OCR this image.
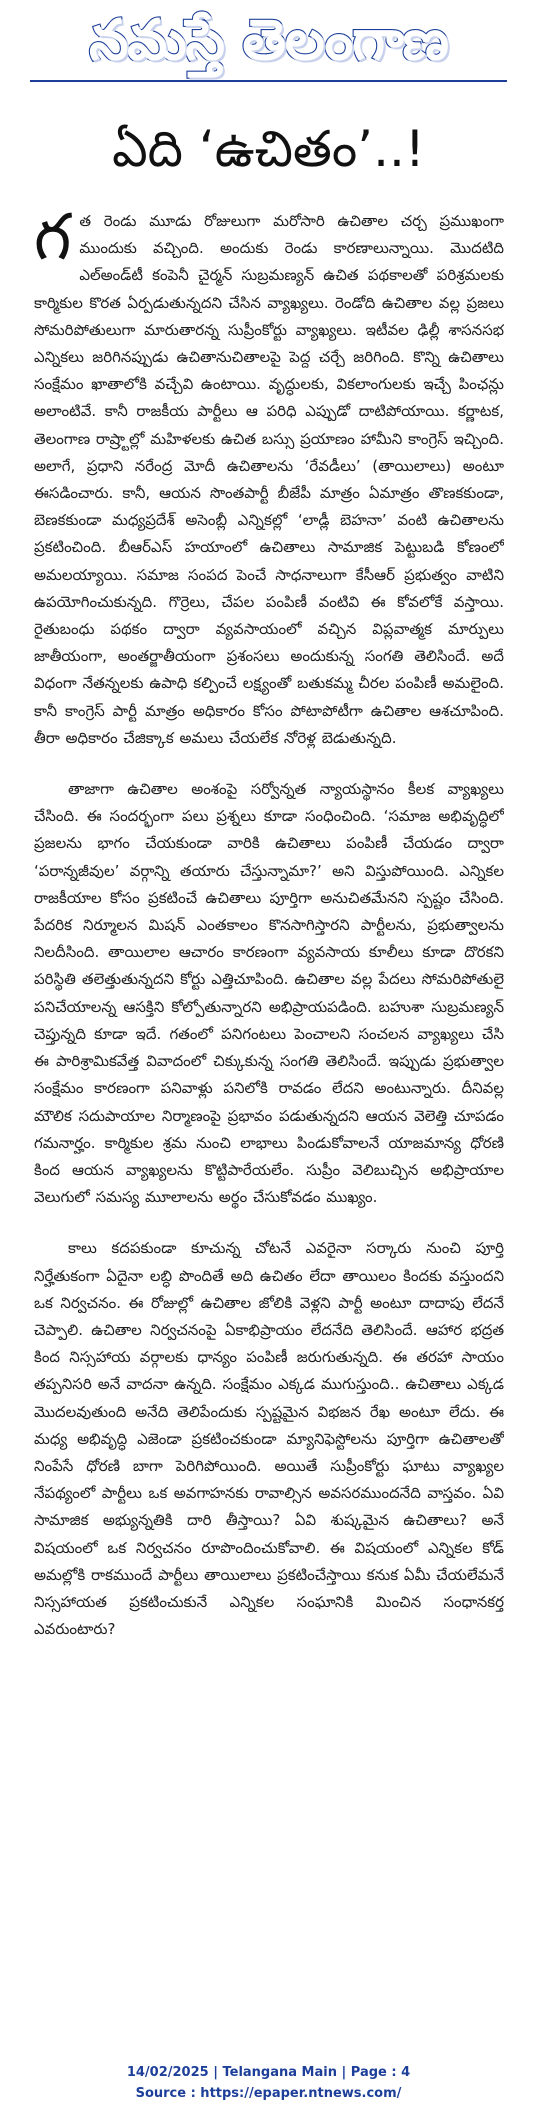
నమస్తే తెలంగాణ
ఏది ‘ఉచితం’..!

గత రెండు మూడు రోజులుగా మరోసారి ఉచితాల చర్చ ప్రముఖంగా ముందుకు వచ్చింది. అందుకు రెండు కారణాలున్నాయి. మొదటిది ఎల్‌అండ్‌టీ కంపెనీ చైర్మన్ సుబ్రమణ్యన్ ఉచిత పథకాలతో పరిశ్రమలకు కార్మికుల కొరత ఏర్పడుతున్నదని చేసిన వ్యాఖ్యలు. రెండోది ఉచితాల వల్ల ప్రజలు సోమరిపోతులుగా మారుతారన్న సుప్రీంకోర్టు వ్యాఖ్యలు. ఇటీవల ఢిల్లీ శాసనసభ ఎన్నికలు జరిగినప్పుడు ఉచితానుచితాలపై పెద్ద చర్చే జరిగింది. కొన్ని ఉచితాలు సంక్షేమం ఖాతాలోకి వచ్చేవి ఉంటాయి. వృద్ధులకు, వికలాంగులకు ఇచ్చే పింఛన్లు అలాంటివే. కానీ రాజకీయ పార్టీలు ఆ పరిధి ఎప్పుడో దాటిపోయాయి. కర్ణాటక, తెలంగాణ రాష్ర్టాల్లో మహిళలకు ఉచిత బస్సు ప్రయాణం హామీని కాంగ్రెస్ ఇచ్చింది. అలాగే, ప్రధాని నరేంద్ర మోదీ ఉచితాలను ‘రేవడీలు’ (తాయిలాలు) అంటూ ఈసడించారు. కానీ, ఆయన సొంతపార్టీ బీజేపీ మాత్రం ఏమాత్రం తొణకకుండా, బెణకకుండా మధ్యప్రదేశ్ అసెంబ్లీ ఎన్నికల్లో ‘లాడ్లీ బెహనా’ వంటి ఉచితాలను ప్రకటించింది. బీఆర్‌ఎస్ హయాంలో ఉచితాలు సామాజిక పెట్టుబడి కోణంలో అమలయ్యాయి. సమాజ సంపద పెంచే సాధనాలుగా కేసీఆర్ ప్రభుత్వం వాటిని ఉపయోగించుకున్నది. గొర్రెలు, చేపల పంపిణీ వంటివి ఈ కోవలోకే వస్తాయి. రైతుబంధు పథకం ద్వారా వ్యవసాయంలో వచ్చిన విప్లవాత్మక మార్పులు జాతీయంగా, అంతర్జాతీయంగా ప్రశంసలు అందుకున్న సంగతి తెలిసిందే. అదే విధంగా నేతన్నలకు ఉపాధి కల్పించే లక్ష్యంతో బతుకమ్మ చీరల పంపిణీ అమలైంది. కానీ కాంగ్రెస్ పార్టీ మాత్రం అధికారం కోసం పోటాపోటీగా ఉచితాల ఆశచూపింది. తీరా అధికారం చేజిక్కాక అమలు చేయలేక నోరెళ్ల బెడుతున్నది.

తాజాగా ఉచితాల అంశంపై సర్వోన్నత న్యాయస్థానం కీలక వ్యాఖ్యలు చేసింది. ఈ సందర్భంగా పలు ప్రశ్నలు కూడా సంధించింది. ‘సమాజ అభివృద్ధిలో ప్రజలను భాగం చేయకుండా వారికి ఉచితాలు పంపిణీ చేయడం ద్వారా ‘పరాన్నజీవుల’ వర్గాన్ని తయారు చేస్తున్నామా?’ అని విస్తుపోయింది. ఎన్నికల రాజకీయాల కోసం ప్రకటించే ఉచితాలు పూర్తిగా అనుచితమేనని స్పష్టం చేసింది. పేదరిక నిర్మూలన మిషన్ ఎంతకాలం కొనసాగిస్తారని పార్టీలను, ప్రభుత్వాలను నిలదీసింది. తాయిలాల ఆచారం కారణంగా వ్యవసాయ కూలీలు కూడా దొరకని పరిస్థితి తలెత్తుతున్నదని కోర్టు ఎత్తిచూపింది. ఉచితాల వల్ల పేదలు సోమరిపోతులై పనిచేయాలన్న ఆసక్తిని కోల్పోతున్నారని అభిప్రాయపడింది. బహుశా సుబ్రమణ్యన్ చెప్తున్నది కూడా ఇదే. గతంలో పనిగంటలు పెంచాలని సంచలన వ్యాఖ్యలు చేసి ఈ పారిశ్రామికవేత్త వివాదంలో చిక్కుకున్న సంగతి తెలిసిందే. ఇప్పుడు ప్రభుత్వాల సంక్షేమం కారణంగా పనివాళ్లు పనిలోకి రావడం లేదని అంటున్నారు. దీనివల్ల మౌలిక సదుపాయాల నిర్మాణంపై ప్రభావం పడుతున్నదని ఆయన వెలెత్తి చూపడం గమనార్హం. కార్మికుల శ్రమ నుంచి లాభాలు పిండుకోవాలనే యాజమాన్య ధోరణి కింద ఆయన వ్యాఖ్యలను కొట్టిపారేయలేం. సుప్రీం వెలిబుచ్చిన అభిప్రాయాల వెలుగులో సమస్య మూలాలను అర్థం చేసుకోవడం ముఖ్యం.

కాలు కదపకుండా కూచున్న చోటనే ఎవరైనా సర్కారు నుంచి పూర్తి నిర్హేతుకంగా ఏదైనా లబ్ధి పొందితే అది ఉచితం లేదా తాయిలం కిందకు వస్తుందని ఒక నిర్వచనం. ఈ రోజుల్లో ఉచితాల జోలికి వెళ్లని పార్టీ అంటూ దాదాపు లేదనే చెప్పాలి. ఉచితాల నిర్వచనంపై ఏకాభిప్రాయం లేదనేది తెలిసిందే. ఆహార భద్రత కింద నిస్సహాయ వర్గాలకు ధాన్యం పంపిణీ జరుగుతున్నది. ఈ తరహా సాయం తప్పనిసరి అనే వాదనా ఉన్నది. సంక్షేమం ఎక్కడ ముగుస్తుంది.. ఉచితాలు ఎక్కడ మొదలవుతుంది అనేది తెలిపేందుకు స్పష్టమైన విభజన రేఖ అంటూ లేదు. ఈ మధ్య అభివృద్ధి ఎజెండా ప్రకటించకుండా మ్యానిఫెస్టోలను పూర్తిగా ఉచితాలతో నింపేసే ధోరణి బాగా పెరిగిపోయింది. అయితే సుప్రీంకోర్టు ఘాటు వ్యాఖ్యల నేపథ్యంలో పార్టీలు ఒక అవగాహనకు రావాల్సిన అవసరముందనేది వాస్తవం. ఏవి సామాజిక అభ్యున్నతికి దారి తీస్తాయి? ఏవి శుష్కమైన ఉచితాలు? అనే విషయంలో ఒక నిర్వచనం రూపొందించుకోవాలి. ఈ విషయంలో ఎన్నికల కోడ్ అమల్లోకి రాకముందే పార్టీలు తాయిలాలు ప్రకటించేస్తాయి కనుక ఏమీ చేయలేమనే నిస్సహాయత ప్రకటించుకునే ఎన్నికల సంఘానికి మించిన సంధానకర్త ఎవరుంటారు?

14/02/2025 | Telangana Main | Page : 4
Source : https://epaper.ntnews.com/
